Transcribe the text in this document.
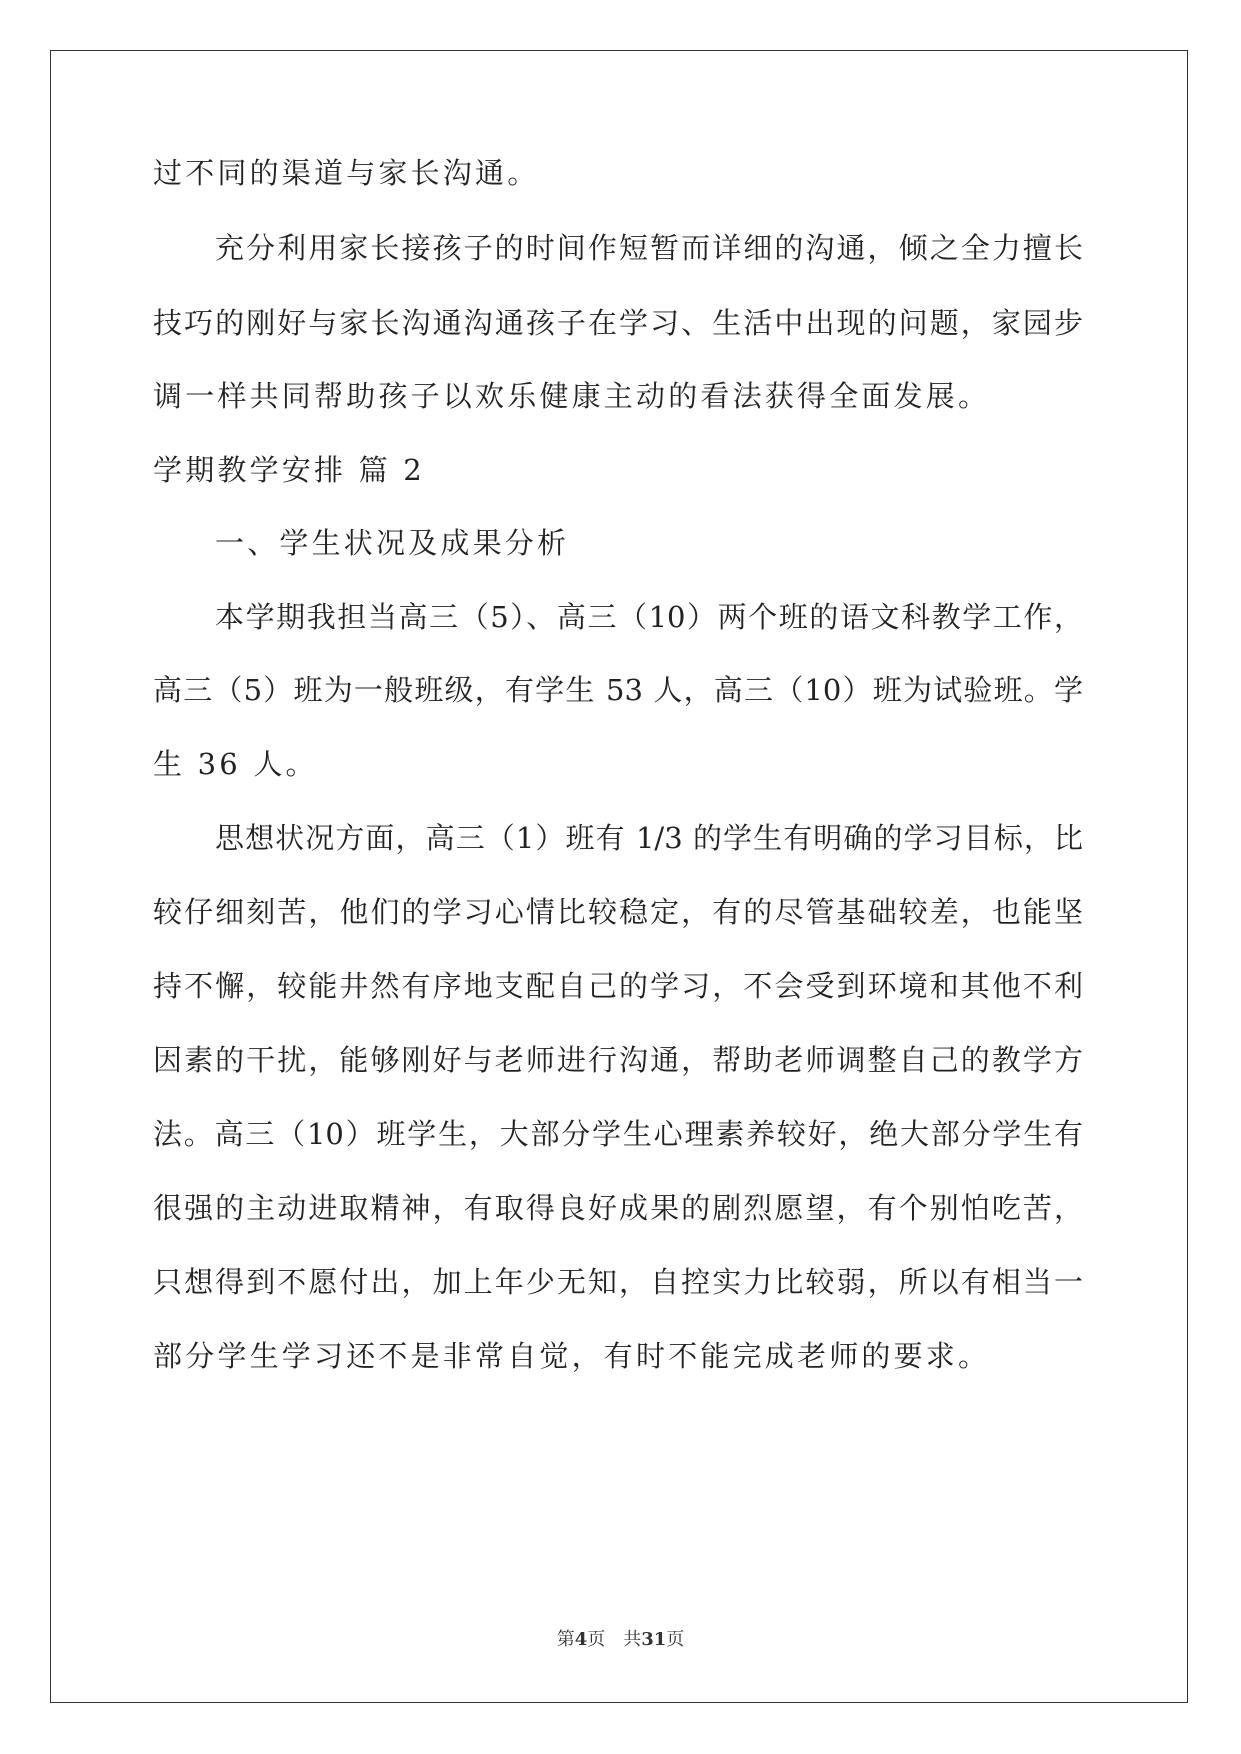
过不同的渠道与家长沟通。
充分利用家长接孩子的时间作短暂而详细的沟通，倾之全力擅长
技巧的刚好与家长沟通沟通孩子在学习、生活中出现的问题，家园步
调一样共同帮助孩子以欢乐健康主动的看法获得全面发展。
学期教学安排 篇 2
一、学生状况及成果分析
本学期我担当高三（5）、高三（10）两个班的语文科教学工作，
高三（5）班为一般班级，有学生 53 人，高三（10）班为试验班。学
生 36 人。
思想状况方面，高三（1）班有 1/3 的学生有明确的学习目标，比
较仔细刻苦，他们的学习心情比较稳定，有的尽管基础较差，也能坚
持不懈，较能井然有序地支配自己的学习，不会受到环境和其他不利
因素的干扰，能够刚好与老师进行沟通，帮助老师调整自己的教学方
法。高三（10）班学生，大部分学生心理素养较好，绝大部分学生有
很强的主动进取精神，有取得良好成果的剧烈愿望，有个别怕吃苦，
只想得到不愿付出，加上年少无知，自控实力比较弱，所以有相当一
部分学生学习还不是非常自觉，有时不能完成老师的要求。
第4页　共31页
